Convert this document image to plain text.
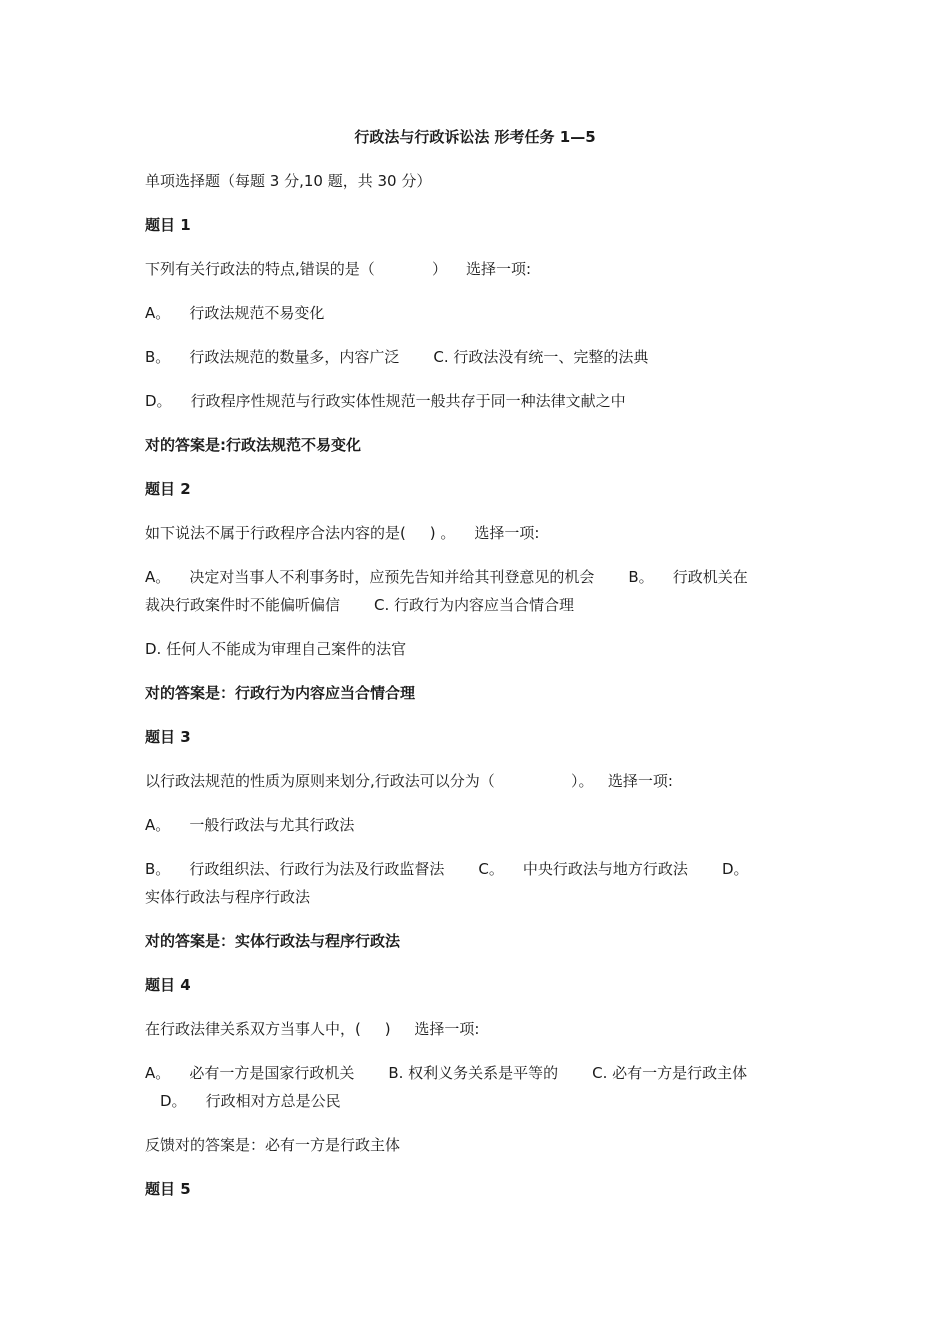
行政法与行政诉讼法 形考任务 1—5
单项选择题（每题 3 分,10 题，共 30 分）
题目 1
下列有关行政法的特点,错误的是（            ）    选择一项:
A。    行政法规范不易变化
B。    行政法规范的数量多，内容广泛 C. 行政法没有统一、完整的法典
D。    行政程序性规范与行政实体性规范一般共存于同一种法律文献之中
对的答案是:行政法规范不易变化
题目 2
如下说法不属于行政程序合法内容的是(     ) 。    选择一项:
A。    决定对当事人不利事务时，应预先告知并给其刊登意见的机会 B。    行政机关在
裁决行政案件时不能偏听偏信 C. 行政行为内容应当合情合理
D. 任何人不能成为审理自己案件的法官
对的答案是：行政行为内容应当合情合理
题目 3
以行政法规范的性质为原则来划分,行政法可以分为（                ）。   选择一项:
A。    一般行政法与尤其行政法
B。    行政组织法、行政行为法及行政监督法 C。    中央行政法与地方行政法 D。
实体行政法与程序行政法
对的答案是：实体行政法与程序行政法
题目 4
在行政法律关系双方当事人中，(     )     选择一项:
A。    必有一方是国家行政机关 B. 权利义务关系是平等的 C. 必有一方是行政主体
D。    行政相对方总是公民
反馈对的答案是：必有一方是行政主体
题目 5
